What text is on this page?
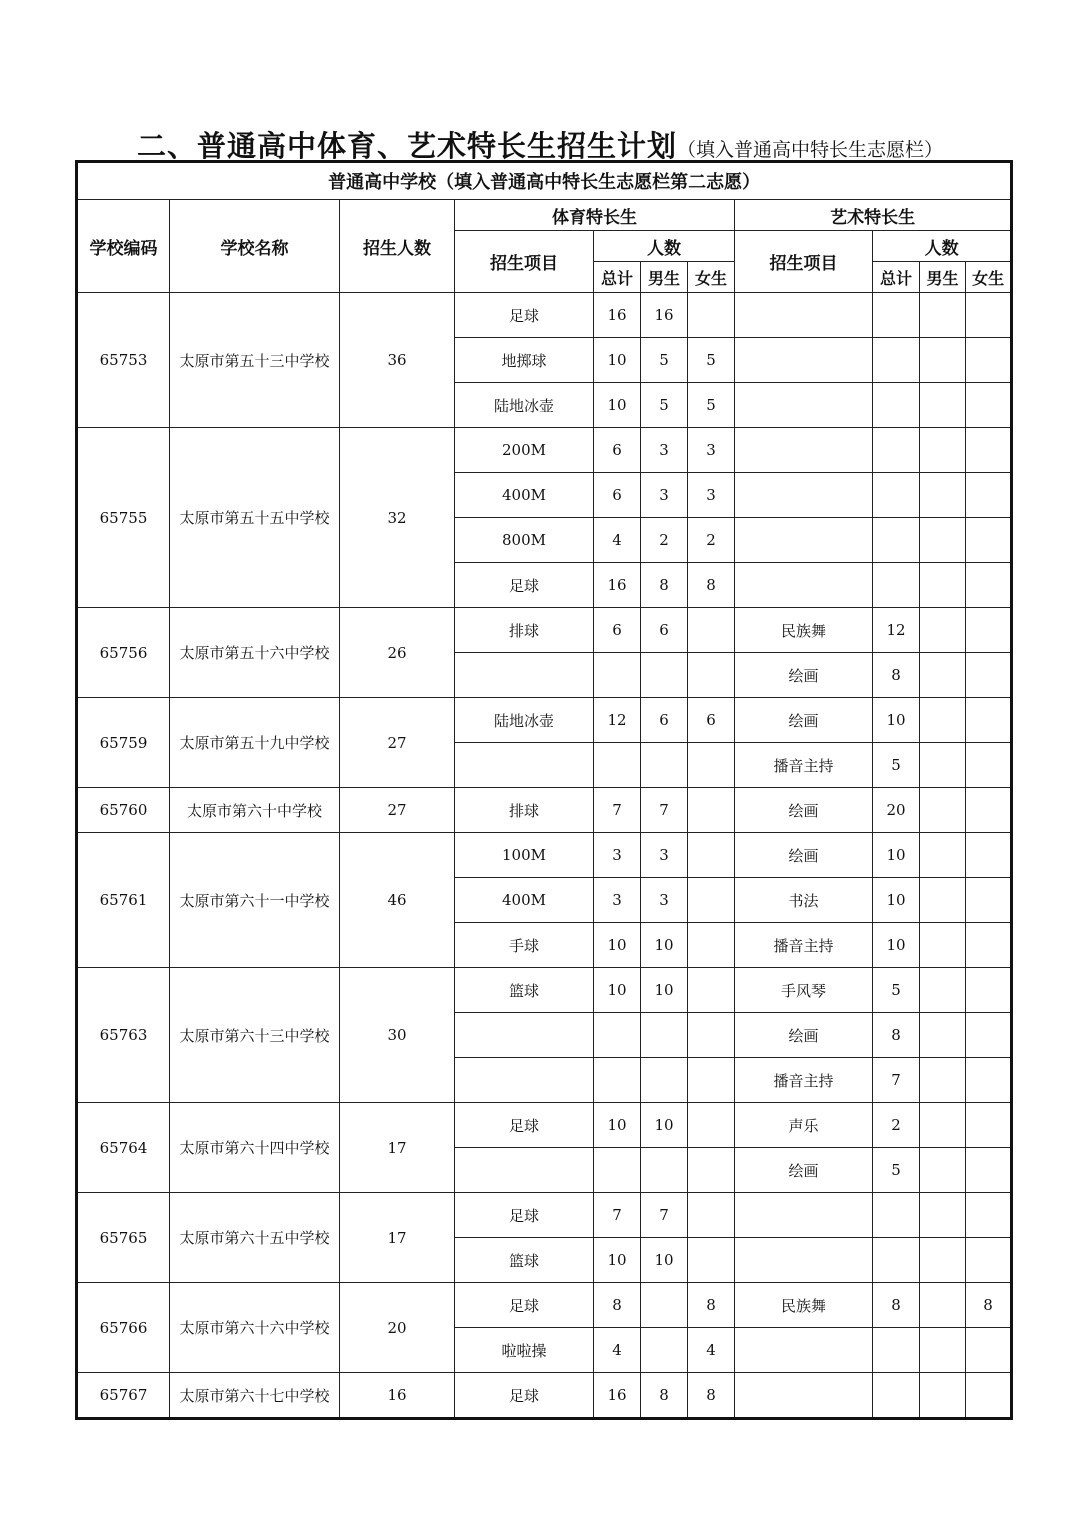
二、普通高中体育、艺术特长生招生计划（填入普通高中特长生志愿栏）
普通高中学校（填入普通高中特长生志愿栏第二志愿）										
学校编码	学校名称	招生人数	体育特长生				艺术特长生			
			招生项目	人数			招生项目	人数		
				总计	男生	女生		总计	男生	女生
65753	太原市第五十三中学校	36	足球	16	16					
			地掷球	10	5	5				
			陆地冰壶	10	5	5				
65755	太原市第五十五中学校	32	200M	6	3	3				
			400M	6	3	3				
			800M	4	2	2				
			足球	16	8	8				
65756	太原市第五十六中学校	26	排球	6	6		民族舞	12		
							绘画	8		
65759	太原市第五十九中学校	27	陆地冰壶	12	6	6	绘画	10		
							播音主持	5		
65760	太原市第六十中学校	27	排球	7	7		绘画	20		
65761	太原市第六十一中学校	46	100M	3	3		绘画	10		
			400M	3	3		书法	10		
			手球	10	10		播音主持	10		
65763	太原市第六十三中学校	30	篮球	10	10		手风琴	5		
							绘画	8		
							播音主持	7		
65764	太原市第六十四中学校	17	足球	10	10		声乐	2		
							绘画	5		
65765	太原市第六十五中学校	17	足球	7	7					
			篮球	10	10					
65766	太原市第六十六中学校	20	足球	8		8	民族舞	8		8
			啦啦操	4		4				
65767	太原市第六十七中学校	16	足球	16	8	8				
